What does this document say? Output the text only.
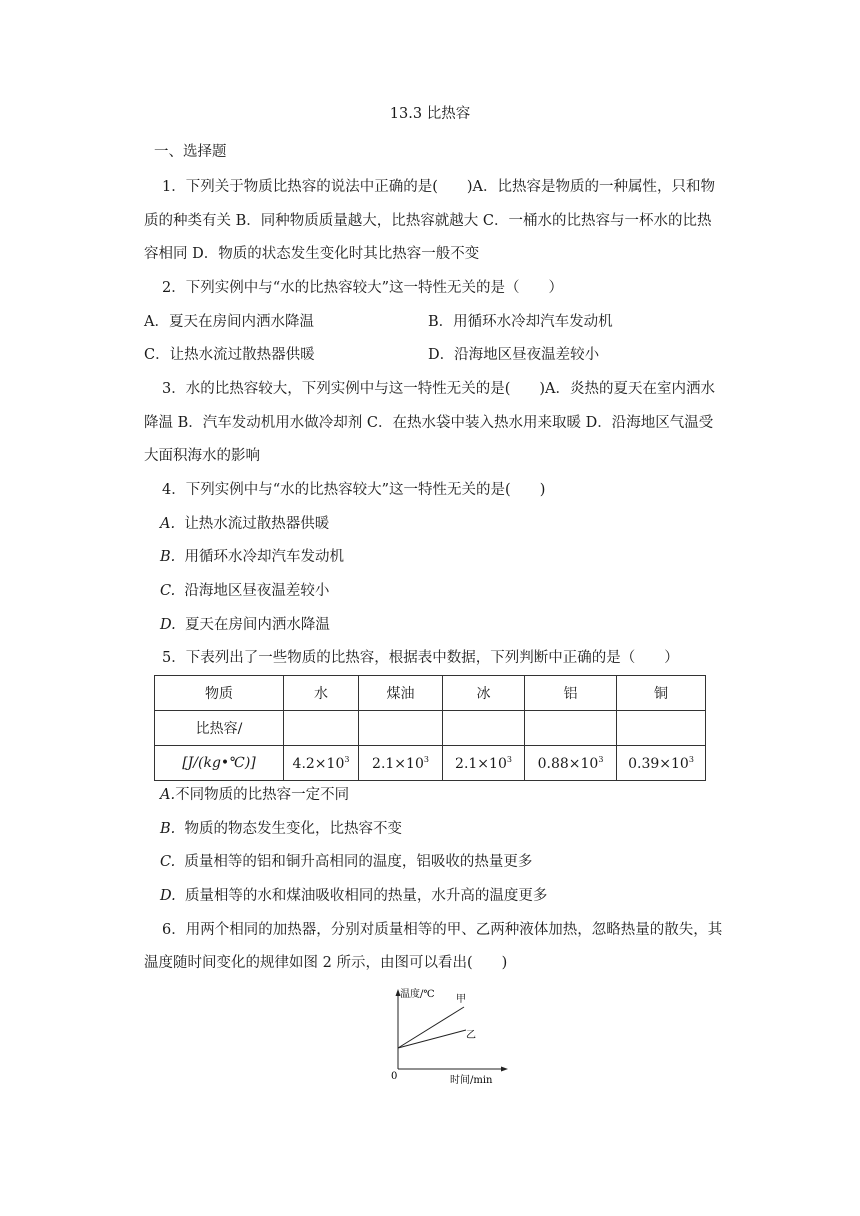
13.3 比热容
一、选择题
1．下列关于物质比热容的说法中正确的是(　　)A．比热容是物质的一种属性，只和物
质的种类有关 B．同种物质质量越大，比热容就越大 C．一桶水的比热容与一杯水的比热
容相同 D．物质的状态发生变化时其比热容一般不变
2．下列实例中与“水的比热容较大”这一特性无关的是（　　）
A．夏天在房间内洒水降温	B．用循环水冷却汽车发动机
C．让热水流过散热器供暖	D．沿海地区昼夜温差较小
3．水的比热容较大，下列实例中与这一特性无关的是(　　)A．炎热的夏天在室内洒水
降温 B．汽车发动机用水做冷却剂 C．在热水袋中装入热水用来取暖 D．沿海地区气温受
大面积海水的影响
4．下列实例中与“水的比热容较大”这一特性无关的是(　　)
A. 让热水流过散热器供暖
B. 用循环水冷却汽车发动机
C. 沿海地区昼夜温差较小
D. 夏天在房间内洒水降温
5．下表列出了一些物质的比热容，根据表中数据，下列判断中正确的是（　　）
物质	水	煤油	冰	铝	铜
比热容/					
[J/(kg•℃)]	$4.2\times 10^3$	$2.1\times 10^3$	$2.1\times 10^3$	$0.88\times 10^3$	$0.39\times 10^3$
A.不同物质的比热容一定不同
B. 物质的物态发生变化，比热容不变
C. 质量相等的铝和铜升高相同的温度，铝吸收的热量更多
D. 质量相等的水和煤油吸收相同的热量，水升高的温度更多
6．用两个相同的加热器，分别对质量相等的甲、乙两种液体加热，忽略热量的散失，其
温度随时间变化的规律如图 2 所示，由图可以看出(　　)
温度/℃ 甲
乙
0	时间/min
